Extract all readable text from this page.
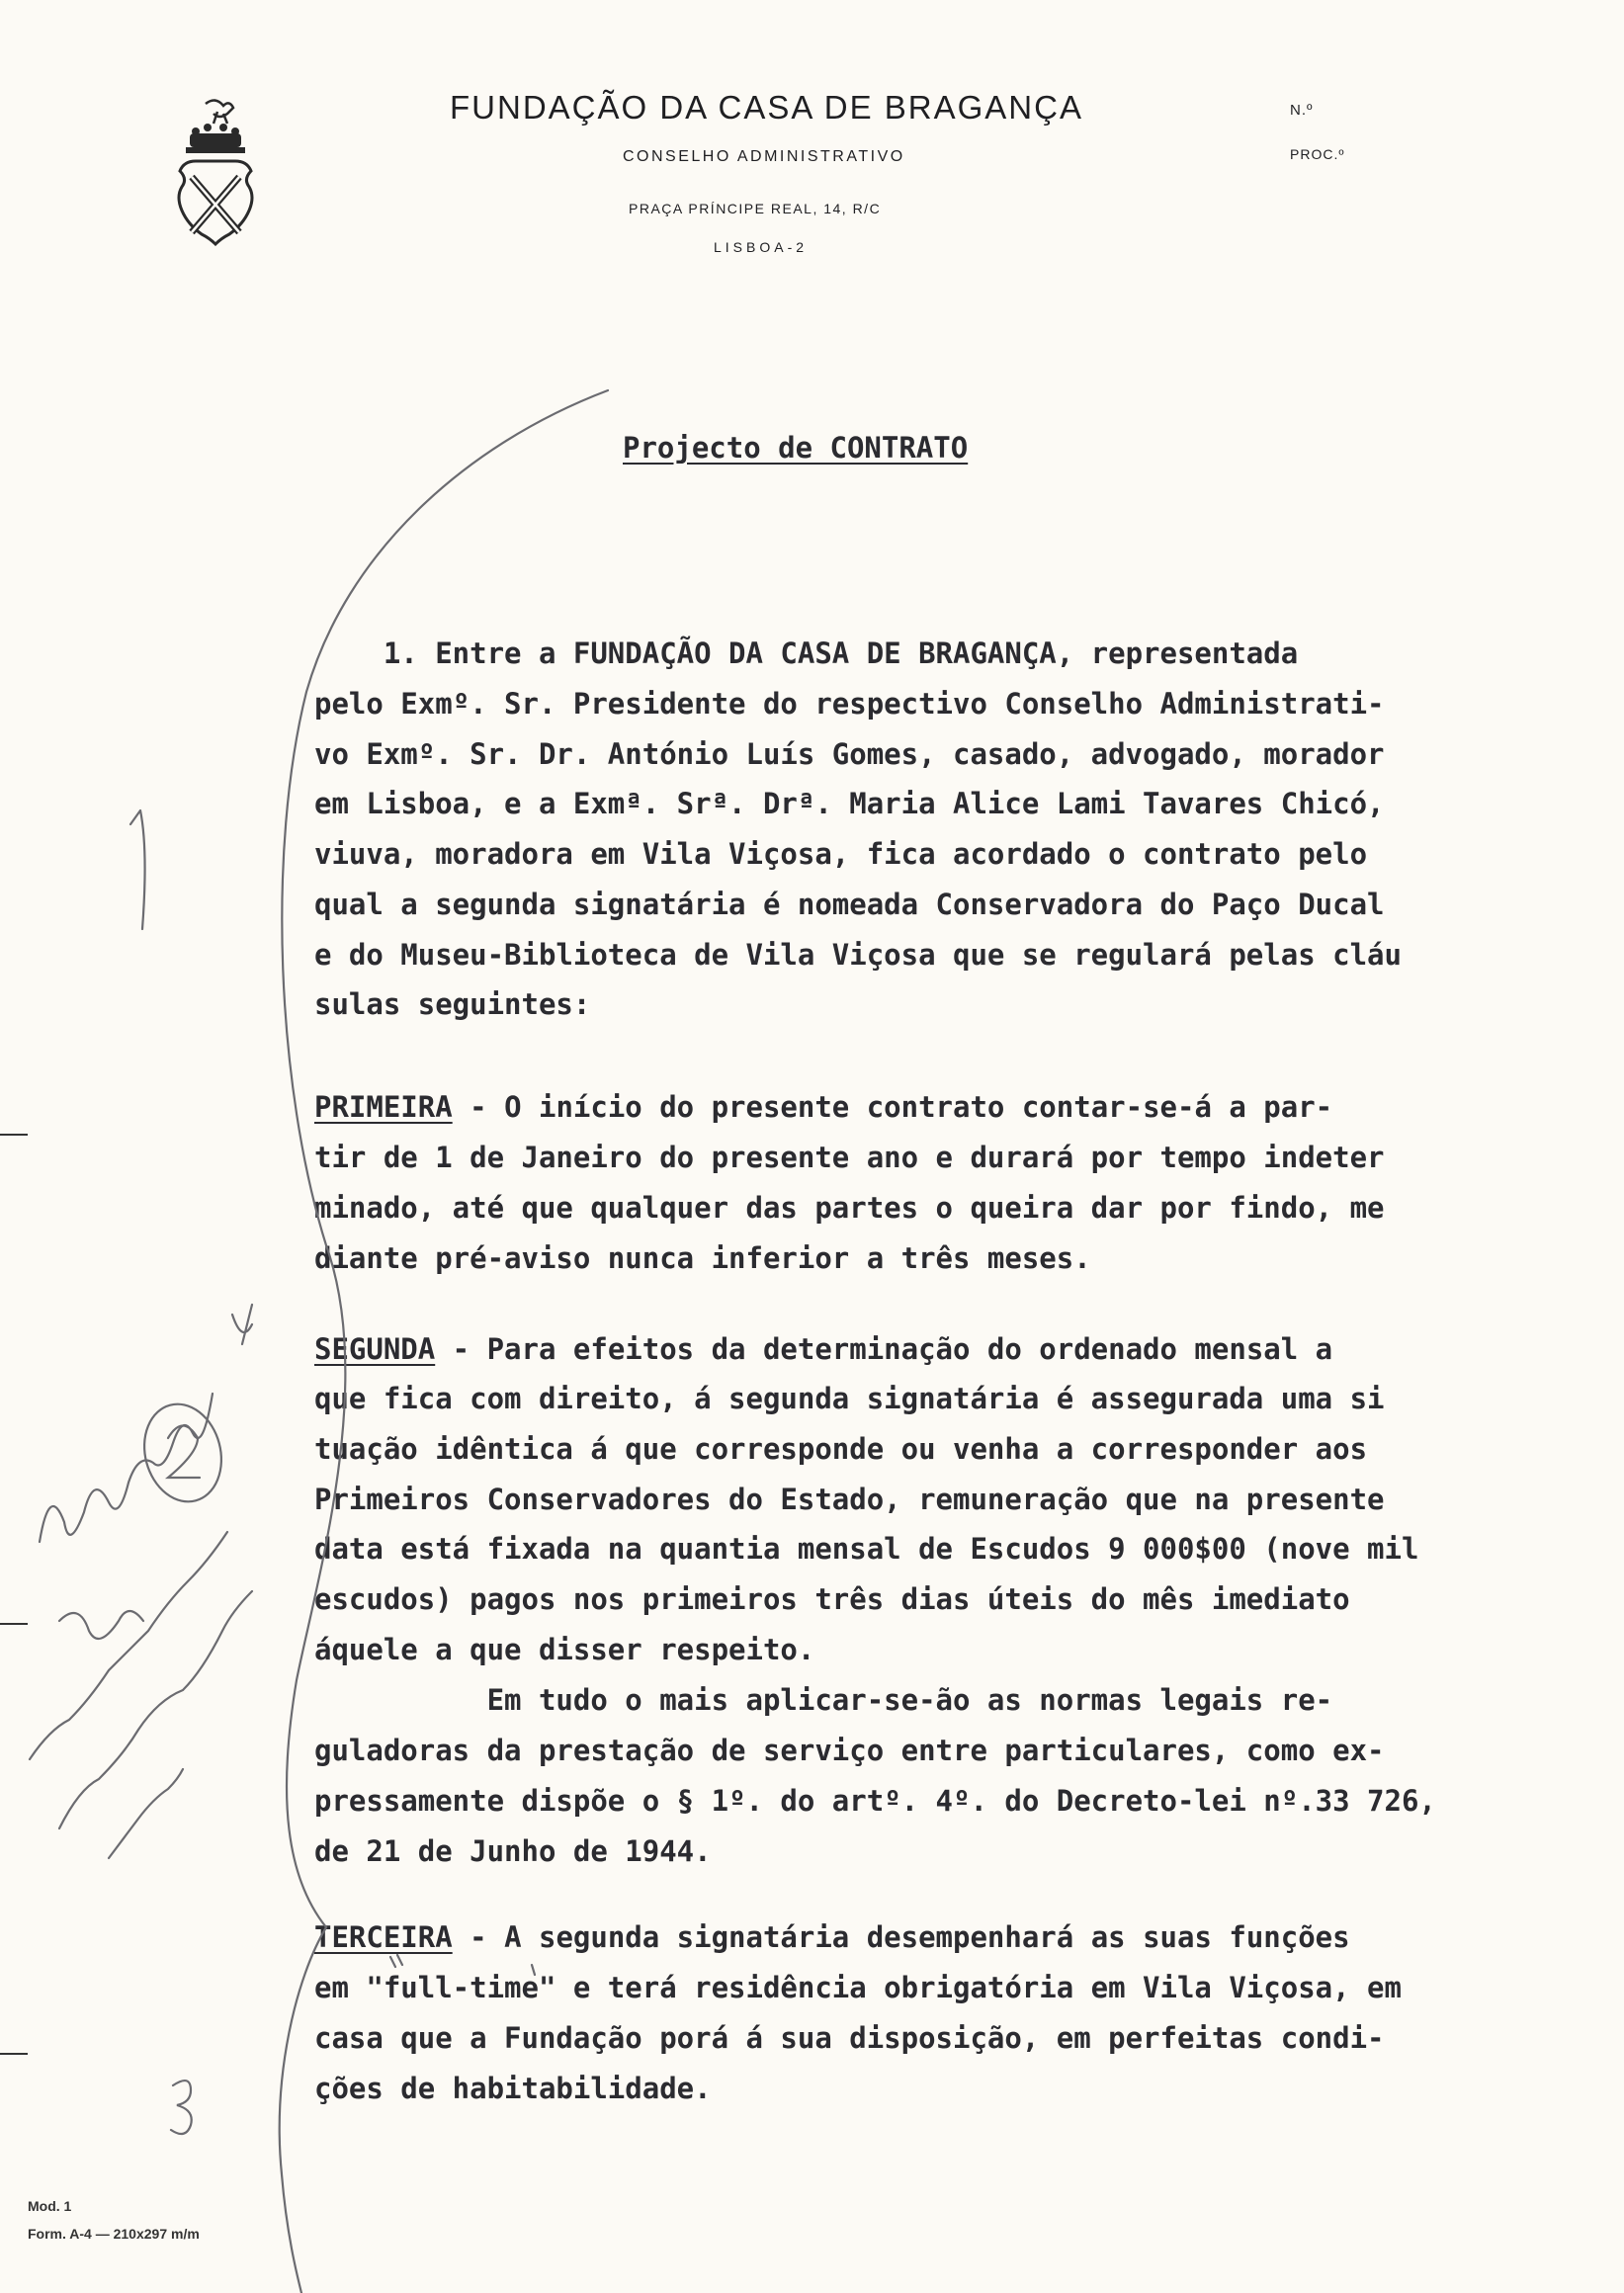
FUNDAÇÃO DA CASA DE BRAGANÇA
CONSELHO ADMINISTRATIVO
PRAÇA PRÍNCIPE REAL, 14, R/C
LISBOA-2
N.º
PROC.º
Projecto de CONTRATO
1. Entre a FUNDAÇÃO DA CASA DE BRAGANÇA, representada
pelo Exmº. Sr. Presidente do respectivo Conselho Administrati-
vo Exmº. Sr. Dr. António Luís Gomes, casado, advogado, morador
em Lisboa, e a Exmª. Srª. Drª. Maria Alice Lami Tavares Chicó,
viuva, moradora em Vila Viçosa, fica acordado o contrato pelo
qual a segunda signatária é nomeada Conservadora do Paço Ducal
e do Museu-Biblioteca de Vila Viçosa que se regulará pelas cláu
sulas seguintes:
PRIMEIRA - O início do presente contrato contar-se-á a par-
tir de 1 de Janeiro do presente ano e durará por tempo indeter
minado, até que qualquer das partes o queira dar por findo, me
diante pré-aviso nunca inferior a três meses.
SEGUNDA - Para efeitos da determinação do ordenado mensal a
que fica com direito, á segunda signatária é assegurada uma si
tuação idêntica á que corresponde ou venha a corresponder aos
Primeiros Conservadores do Estado, remuneração que na presente
data está fixada na quantia mensal de Escudos 9 000$00 (nove mil
escudos) pagos nos primeiros três dias úteis do mês imediato
áquele a que disser respeito.
Em tudo o mais aplicar-se-ão as normas legais re-
guladoras da prestação de serviço entre particulares, como ex-
pressamente dispõe o § 1º. do artº. 4º. do Decreto-lei nº.33 726,
de 21 de Junho de 1944.
TERCEIRA - A segunda signatária desempenhará as suas funções
em "full-time" e terá residência obrigatória em Vila Viçosa, em
casa que a Fundação porá á sua disposição, em perfeitas condi-
ções de habitabilidade.
Mod. 1
Form. A-4 — 210x297 m/m
